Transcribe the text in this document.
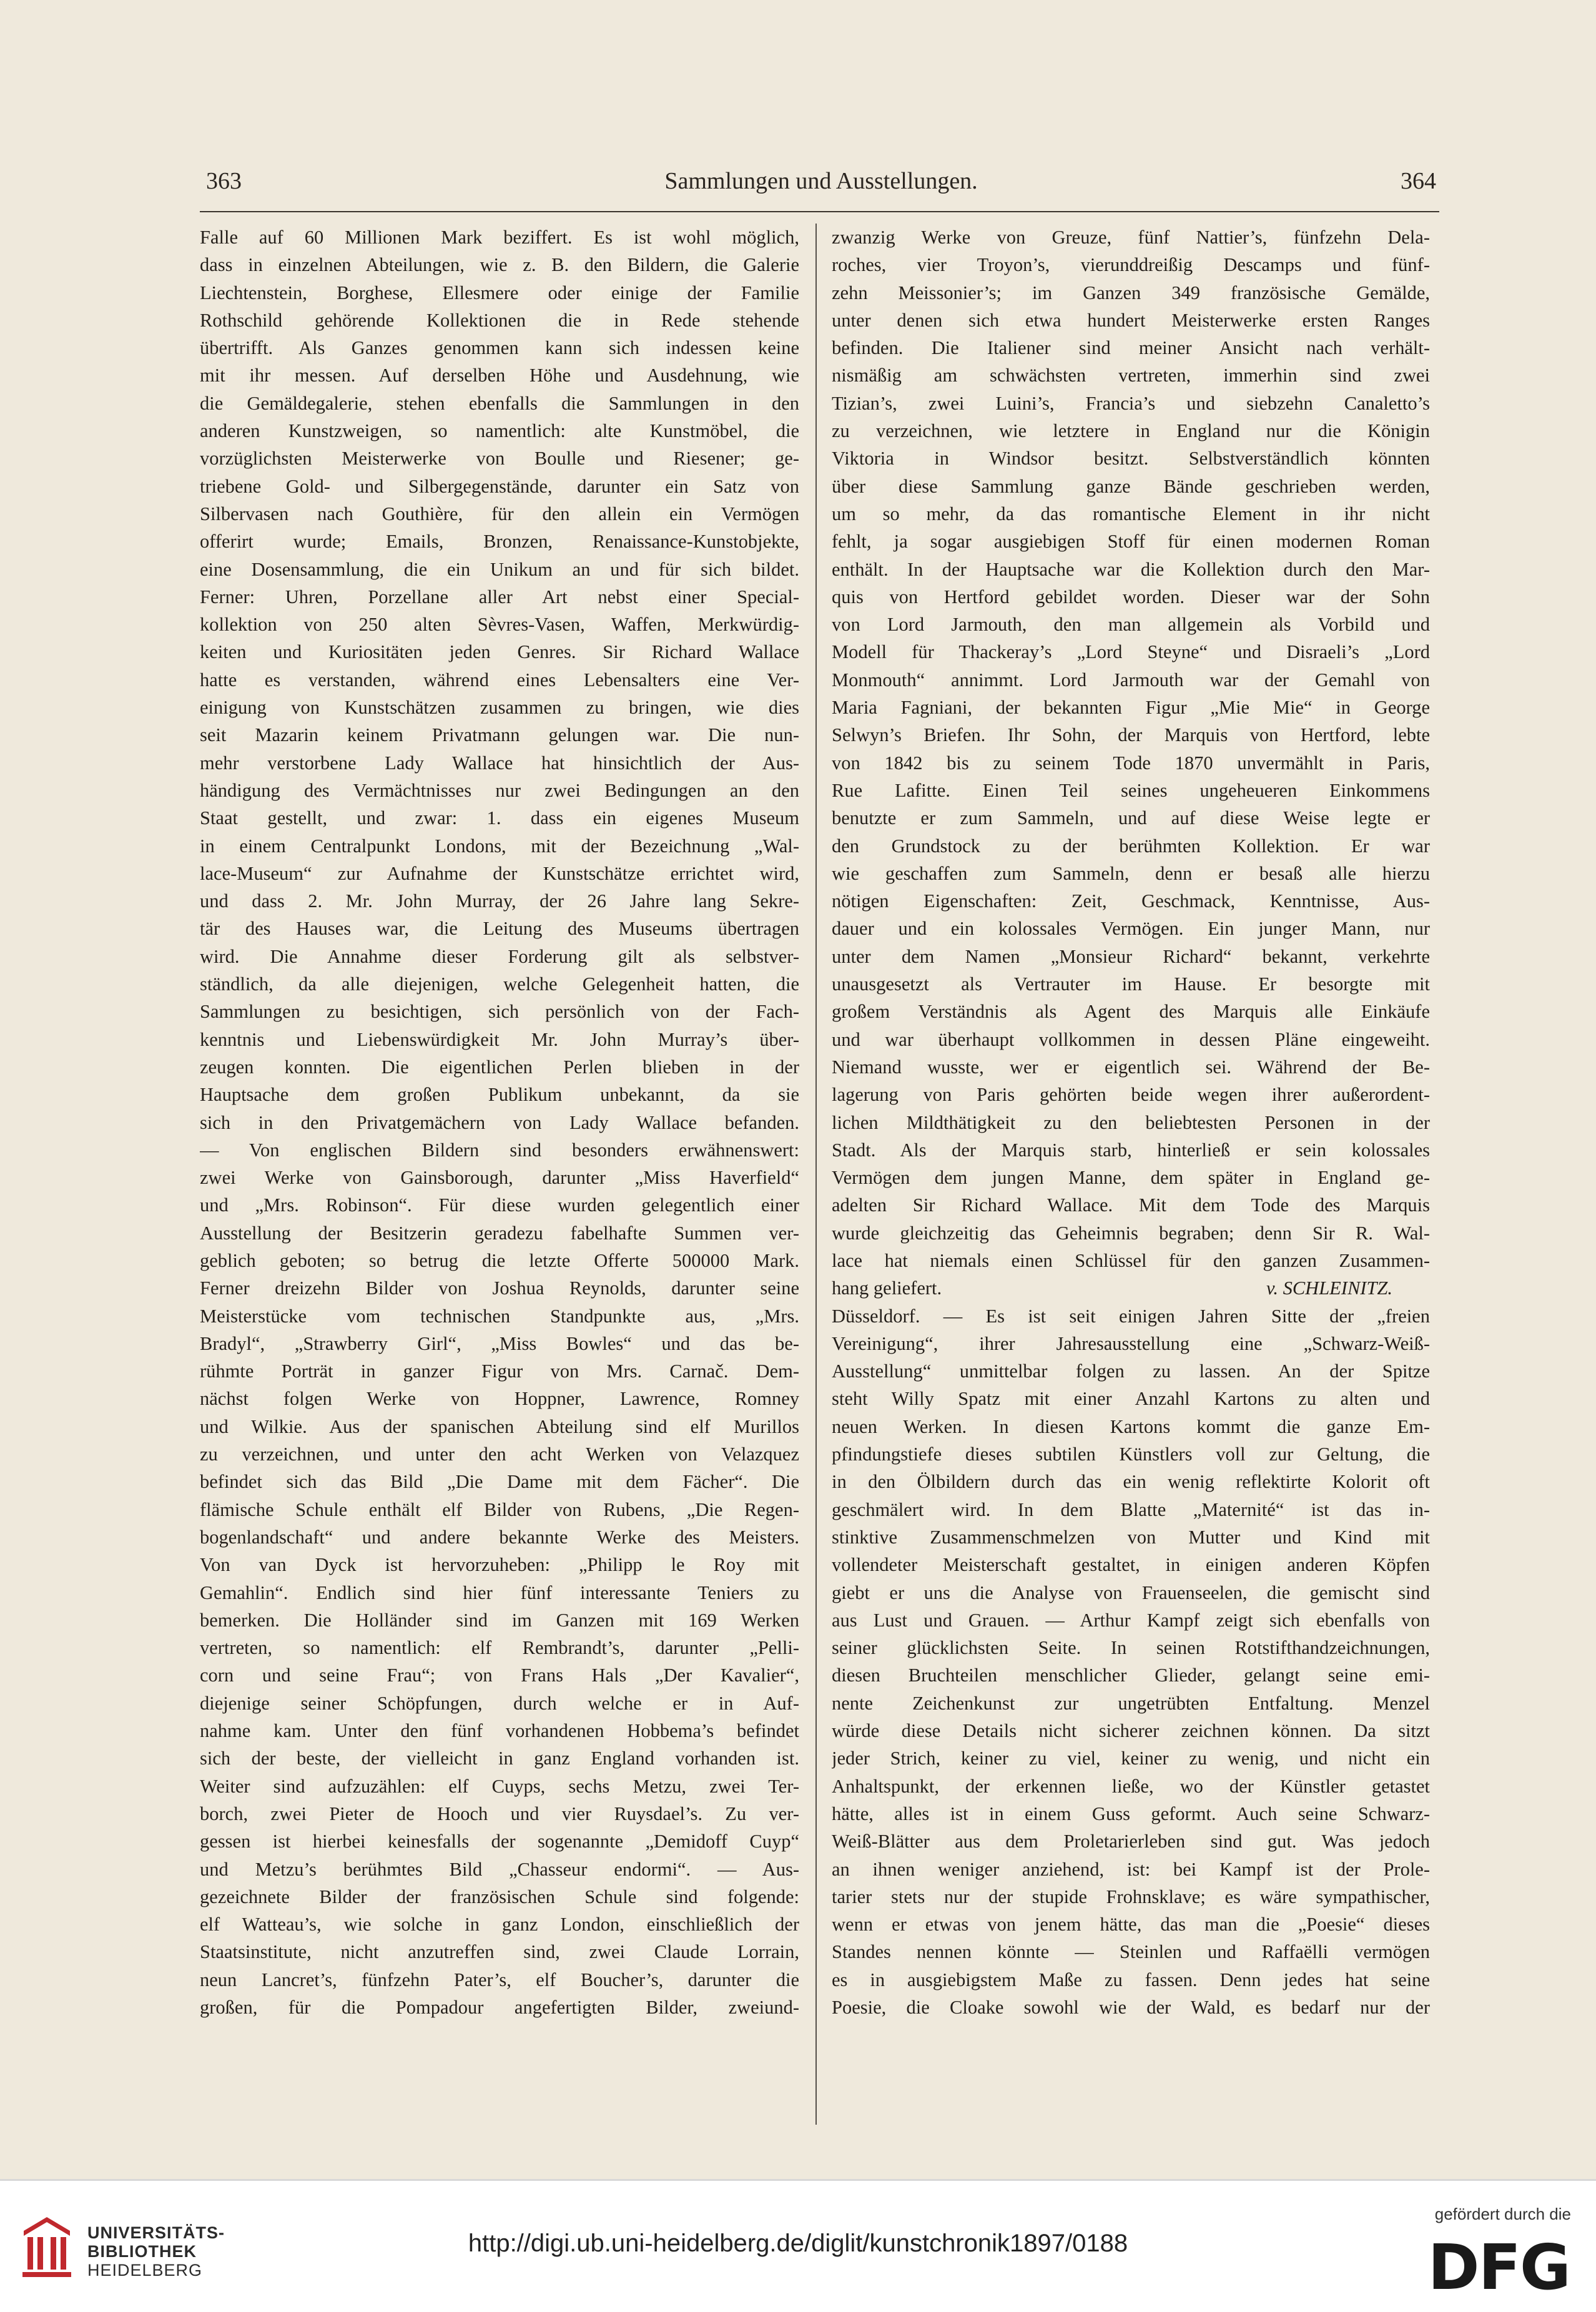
363	Sammlungen und Ausstellungen.	364
Falle auf 60 Millionen Mark beziffert. Es ist wohl möglich,
dass in einzelnen Abteilungen, wie z. B. den Bildern, die Galerie
Liechtenstein, Borghese, Ellesmere oder einige der Familie
Rothschild gehörende Kollektionen die in Rede stehende
übertrifft. Als Ganzes genommen kann sich indessen keine
mit ihr messen. Auf derselben Höhe und Ausdehnung, wie
die Gemäldegalerie, stehen ebenfalls die Sammlungen in den
anderen Kunstzweigen, so namentlich: alte Kunstmöbel, die
vorzüglichsten Meisterwerke von Boulle und Riesener; ge-
triebene Gold- und Silbergegenstände, darunter ein Satz von
Silbervasen nach Gouthière, für den allein ein Vermögen
offerirt wurde; Emails, Bronzen, Renaissance-Kunstobjekte,
eine Dosensammlung, die ein Unikum an und für sich bildet.
Ferner: Uhren, Porzellane aller Art nebst einer Special-
kollektion von 250 alten Sèvres-Vasen, Waffen, Merkwürdig-
keiten und Kuriositäten jeden Genres. Sir Richard Wallace
hatte es verstanden, während eines Lebensalters eine Ver-
einigung von Kunstschätzen zusammen zu bringen, wie dies
seit Mazarin keinem Privatmann gelungen war. Die nun-
mehr verstorbene Lady Wallace hat hinsichtlich der Aus-
händigung des Vermächtnisses nur zwei Bedingungen an den
Staat gestellt, und zwar: 1. dass ein eigenes Museum
in einem Centralpunkt Londons, mit der Bezeichnung „Wal-
lace-Museum“ zur Aufnahme der Kunstschätze errichtet wird,
und dass 2. Mr. John Murray, der 26 Jahre lang Sekre-
tär des Hauses war, die Leitung des Museums übertragen
wird. Die Annahme dieser Forderung gilt als selbstver-
ständlich, da alle diejenigen, welche Gelegenheit hatten, die
Sammlungen zu besichtigen, sich persönlich von der Fach-
kenntnis und Liebenswürdigkeit Mr. John Murray’s über-
zeugen konnten. Die eigentlichen Perlen blieben in der
Hauptsache dem großen Publikum unbekannt, da sie
sich in den Privatgemächern von Lady Wallace befanden.
— Von englischen Bildern sind besonders erwähnenswert:
zwei Werke von Gainsborough, darunter „Miss Haverfield“
und „Mrs. Robinson“. Für diese wurden gelegentlich einer
Ausstellung der Besitzerin geradezu fabelhafte Summen ver-
geblich geboten; so betrug die letzte Offerte 500000 Mark.
Ferner dreizehn Bilder von Joshua Reynolds, darunter seine
Meisterstücke vom technischen Standpunkte aus, „Mrs.
Bradyl“, „Strawberry Girl“, „Miss Bowles“ und das be-
rühmte Porträt in ganzer Figur von Mrs. Carnač. Dem-
nächst folgen Werke von Hoppner, Lawrence, Romney
und Wilkie. Aus der spanischen Abteilung sind elf Murillos
zu verzeichnen, und unter den acht Werken von Velazquez
befindet sich das Bild „Die Dame mit dem Fächer“. Die
flämische Schule enthält elf Bilder von Rubens, „Die Regen-
bogenlandschaft“ und andere bekannte Werke des Meisters.
Von van Dyck ist hervorzuheben: „Philipp le Roy mit
Gemahlin“. Endlich sind hier fünf interessante Teniers zu
bemerken. Die Holländer sind im Ganzen mit 169 Werken
vertreten, so namentlich: elf Rembrandt’s, darunter „Pelli-
corn und seine Frau“; von Frans Hals „Der Kavalier“,
diejenige seiner Schöpfungen, durch welche er in Auf-
nahme kam. Unter den fünf vorhandenen Hobbema’s befindet
sich der beste, der vielleicht in ganz England vorhanden ist.
Weiter sind aufzuzählen: elf Cuyps, sechs Metzu, zwei Ter-
borch, zwei Pieter de Hooch und vier Ruysdael’s. Zu ver-
gessen ist hierbei keinesfalls der sogenannte „Demidoff Cuyp“
und Metzu’s berühmtes Bild „Chasseur endormi“. — Aus-
gezeichnete Bilder der französischen Schule sind folgende:
elf Watteau’s, wie solche in ganz London, einschließlich der
Staatsinstitute, nicht anzutreffen sind, zwei Claude Lorrain,
neun Lancret’s, fünfzehn Pater’s, elf Boucher’s, darunter die
großen, für die Pompadour angefertigten Bilder, zweiund-
zwanzig Werke von Greuze, fünf Nattier’s, fünfzehn Dela-
roches, vier Troyon’s, vierunddreißig Descamps und fünf-
zehn Meissonier’s; im Ganzen 349 französische Gemälde,
unter denen sich etwa hundert Meisterwerke ersten Ranges
befinden. Die Italiener sind meiner Ansicht nach verhält-
nismäßig am schwächsten vertreten, immerhin sind zwei
Tizian’s, zwei Luini’s, Francia’s und siebzehn Canaletto’s
zu verzeichnen, wie letztere in England nur die Königin
Viktoria in Windsor besitzt. Selbstverständlich könnten
über diese Sammlung ganze Bände geschrieben werden,
um so mehr, da das romantische Element in ihr nicht
fehlt, ja sogar ausgiebigen Stoff für einen modernen Roman
enthält. In der Hauptsache war die Kollektion durch den Mar-
quis von Hertford gebildet worden. Dieser war der Sohn
von Lord Jarmouth, den man allgemein als Vorbild und
Modell für Thackeray’s „Lord Steyne“ und Disraeli’s „Lord
Monmouth“ annimmt. Lord Jarmouth war der Gemahl von
Maria Fagniani, der bekannten Figur „Mie Mie“ in George
Selwyn’s Briefen. Ihr Sohn, der Marquis von Hertford, lebte
von 1842 bis zu seinem Tode 1870 unvermählt in Paris,
Rue Lafitte. Einen Teil seines ungeheueren Einkommens
benutzte er zum Sammeln, und auf diese Weise legte er
den Grundstock zu der berühmten Kollektion. Er war
wie geschaffen zum Sammeln, denn er besaß alle hierzu
nötigen Eigenschaften: Zeit, Geschmack, Kenntnisse, Aus-
dauer und ein kolossales Vermögen. Ein junger Mann, nur
unter dem Namen „Monsieur Richard“ bekannt, verkehrte
unausgesetzt als Vertrauter im Hause. Er besorgte mit
großem Verständnis als Agent des Marquis alle Einkäufe
und war überhaupt vollkommen in dessen Pläne eingeweiht.
Niemand wusste, wer er eigentlich sei. Während der Be-
lagerung von Paris gehörten beide wegen ihrer außerordent-
lichen Mildthätigkeit zu den beliebtesten Personen in der
Stadt. Als der Marquis starb, hinterließ er sein kolossales
Vermögen dem jungen Manne, dem später in England ge-
adelten Sir Richard Wallace. Mit dem Tode des Marquis
wurde gleichzeitig das Geheimnis begraben; denn Sir R. Wal-
lace hat niemals einen Schlüssel für den ganzen Zusammen-
hang geliefert.	v. SCHLEINITZ.
Düsseldorf. — Es ist seit einigen Jahren Sitte der „freien
Vereinigung“, ihrer Jahresausstellung eine „Schwarz-Weiß-
Ausstellung“ unmittelbar folgen zu lassen. An der Spitze
steht Willy Spatz mit einer Anzahl Kartons zu alten und
neuen Werken. In diesen Kartons kommt die ganze Em-
pfindungstiefe dieses subtilen Künstlers voll zur Geltung, die
in den Ölbildern durch das ein wenig reflektirte Kolorit oft
geschmälert wird. In dem Blatte „Maternité“ ist das in-
stinktive Zusammenschmelzen von Mutter und Kind mit
vollendeter Meisterschaft gestaltet, in einigen anderen Köpfen
giebt er uns die Analyse von Frauenseelen, die gemischt sind
aus Lust und Grauen. — Arthur Kampf zeigt sich ebenfalls von
seiner glücklichsten Seite. In seinen Rotstifthandzeichnungen,
diesen Bruchteilen menschlicher Glieder, gelangt seine emi-
nente Zeichenkunst zur ungetrübten Entfaltung. Menzel
würde diese Details nicht sicherer zeichnen können. Da sitzt
jeder Strich, keiner zu viel, keiner zu wenig, und nicht ein
Anhaltspunkt, der erkennen ließe, wo der Künstler getastet
hätte, alles ist in einem Guss geformt. Auch seine Schwarz-
Weiß-Blätter aus dem Proletarierleben sind gut. Was jedoch
an ihnen weniger anziehend, ist: bei Kampf ist der Prole-
tarier stets nur der stupide Frohnsklave; es wäre sympathischer,
wenn er etwas von jenem hätte, das man die „Poesie“ dieses
Standes nennen könnte — Steinlen und Raffaëlli vermögen
es in ausgiebigstem Maße zu fassen. Denn jedes hat seine
Poesie, die Cloake sowohl wie der Wald, es bedarf nur der
UNIVERSITÄTS-
BIBLIOTHEK
HEIDELBERG
http://digi.ub.uni-heidelberg.de/diglit/kunstchronik1897/0188
gefördert durch die
DFG
